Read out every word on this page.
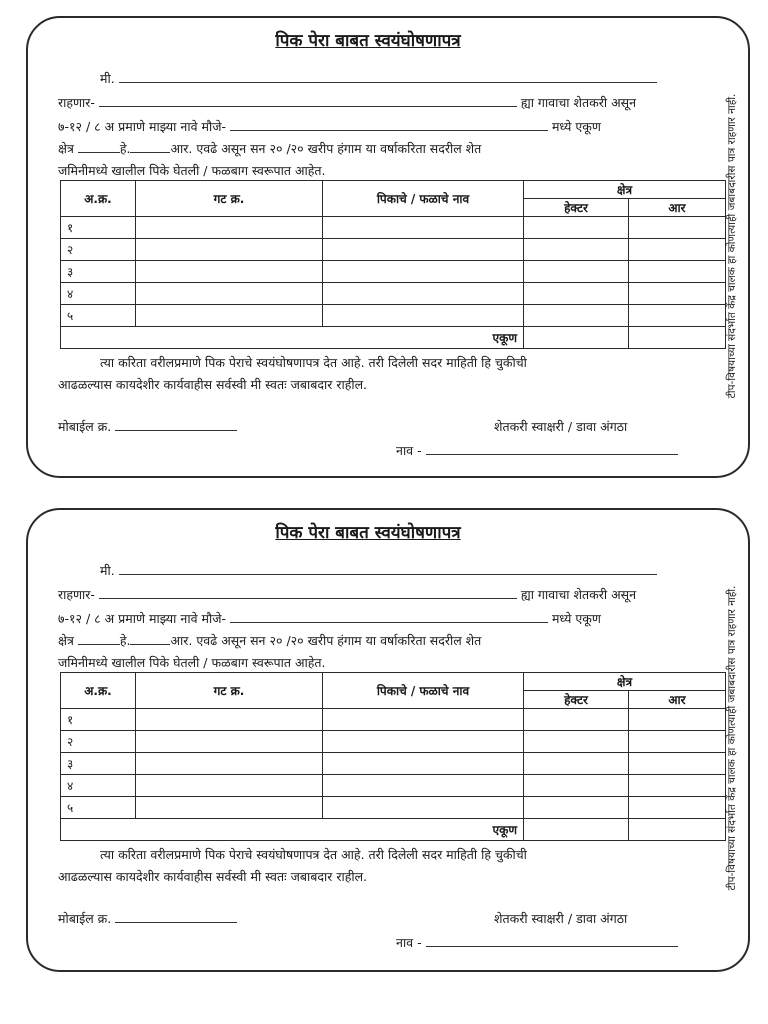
पिक पेरा बाबत स्वयंघोषणापत्र
मी.
राहणार-	ह्या गावाचा शेतकरी असून
७-१२ / ८ अ प्रमाणे माझ्या नावे मौजे-	मध्ये एकूण
क्षेत्र	हे.	आर. एवढे असून सन २० /२० खरीप हंगाम या वर्षाकरिता सदरील शेत
जमिनीमध्ये खालील पिके घेतली / फळबाग स्वरूपात आहेत.
अ.क्र.	गट क्र.	पिकाचे / फळाचे नाव	क्षेत्र	
			हेक्टर	आर
१				
२				
३				
४				
५				
एकूण				
त्या करिता वरीलप्रमाणे पिक पेराचे स्वयंघोषणापत्र देत आहे. तरी दिलेली सदर माहिती हि चुकीची
आढळल्यास कायदेशीर कार्यवाहीस सर्वस्वी मी स्वतः जबाबदार राहील.
मोबाईल क्र.	शेतकरी स्वाक्षरी / डावा अंगठा
नाव -
टीप-विषयाच्या संदर्भात केंद्र चालक हा कोणत्याही जबाबदारीस पात्र राहणार नाही.
पिक पेरा बाबत स्वयंघोषणापत्र
मी.
राहणार-	ह्या गावाचा शेतकरी असून
७-१२ / ८ अ प्रमाणे माझ्या नावे मौजे-	मध्ये एकूण
क्षेत्र	हे.	आर. एवढे असून सन २० /२० खरीप हंगाम या वर्षाकरिता सदरील शेत
जमिनीमध्ये खालील पिके घेतली / फळबाग स्वरूपात आहेत.
अ.क्र.	गट क्र.	पिकाचे / फळाचे नाव	क्षेत्र	
			हेक्टर	आर
१				
२				
३				
४				
५				
एकूण				
त्या करिता वरीलप्रमाणे पिक पेराचे स्वयंघोषणापत्र देत आहे. तरी दिलेली सदर माहिती हि चुकीची
आढळल्यास कायदेशीर कार्यवाहीस सर्वस्वी मी स्वतः जबाबदार राहील.
मोबाईल क्र.	शेतकरी स्वाक्षरी / डावा अंगठा
नाव -
टीप-विषयाच्या संदर्भात केंद्र चालक हा कोणत्याही जबाबदारीस पात्र राहणार नाही.
